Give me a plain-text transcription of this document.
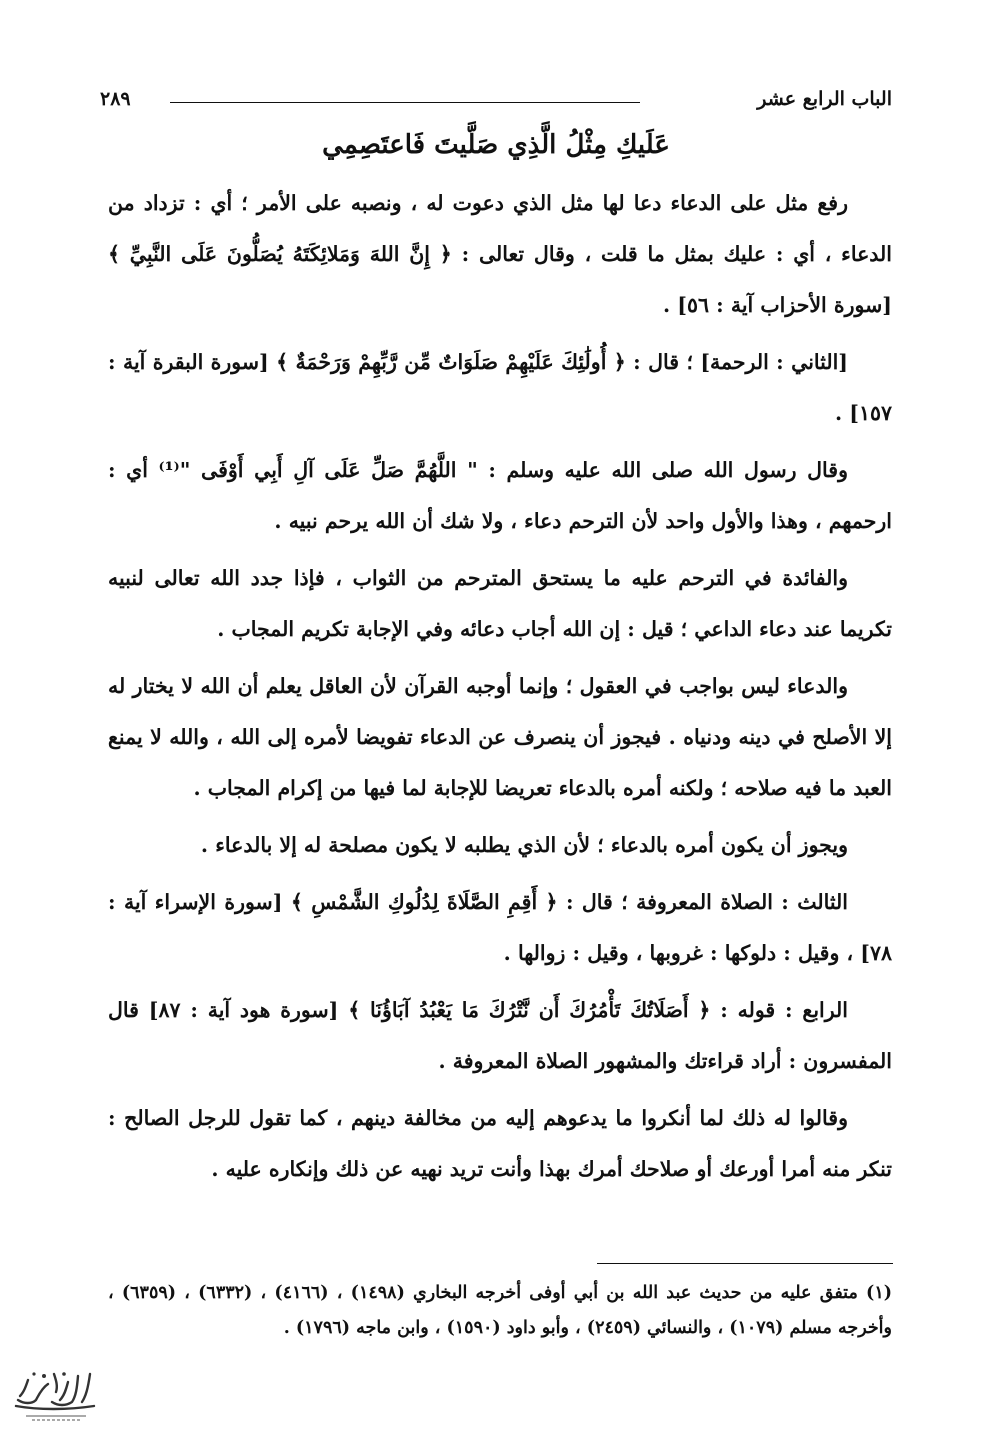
الباب الرابع عشر
٢٨٩
عَلَيكِ مِثْلُ الَّذِي صَلَّيتَ فَاعتَصِمِي

رفع مثل على الدعاء دعا لها مثل الذي دعوت له ، ونصبه على الأمر ؛ أي : تزداد من الدعاء ، أي : عليك بمثل ما قلت ، وقال تعالى : ﴿ إِنَّ اللهَ وَمَلائِكَتَهُ يُصَلُّونَ عَلَى النَّبِيِّ ﴾ [سورة الأحزاب آية : ٥٦] .

[الثاني : الرحمة] ؛ قال : ﴿ أُولَٰئِكَ عَلَيْهِمْ صَلَوَاتٌ مِّن رَّبِّهِمْ وَرَحْمَةٌ ﴾ [سورة البقرة آية : ١٥٧] .

وقال رسول الله صلى الله عليه وسلم : " اللَّهُمَّ صَلِّ عَلَى آلِ أَبِي أَوْفَى "⁽¹⁾ أي : ارحمهم ، وهذا والأول واحد لأن الترحم دعاء ، ولا شك أن الله يرحم نبيه .

والفائدة في الترحم عليه ما يستحق المترحم من الثواب ، فإذا جدد الله تعالى لنبيه تكريما عند دعاء الداعي ؛ قيل : إن الله أجاب دعائه وفي الإجابة تكريم المجاب .

والدعاء ليس بواجب في العقول ؛ وإنما أوجبه القرآن لأن العاقل يعلم أن الله لا يختار له إلا الأصلح في دينه ودنياه . فيجوز أن ينصرف عن الدعاء تفويضا لأمره إلى الله ، والله لا يمنع العبد ما فيه صلاحه ؛ ولكنه أمره بالدعاء تعريضا للإجابة لما فيها من إكرام المجاب .

ويجوز أن يكون أمره بالدعاء ؛ لأن الذي يطلبه لا يكون مصلحة له إلا بالدعاء .

الثالث : الصلاة المعروفة ؛ قال : ﴿ أَقِمِ الصَّلَاةَ لِدُلُوكِ الشَّمْسِ ﴾ [سورة الإسراء آية : ٧٨] ، وقيل : دلوكها : غروبها ، وقيل : زوالها .

الرابع : قوله : ﴿ أَصَلَاتُكَ تَأْمُرُكَ أَن نَّتْرُكَ مَا يَعْبُدُ آبَاؤُنَا ﴾ [سورة هود آية : ٨٧] قال المفسرون : أراد قراءتك والمشهور الصلاة المعروفة .

وقالوا له ذلك لما أنكروا ما يدعوهم إليه من مخالفة دينهم ، كما تقول للرجل الصالح : تنكر منه أمرا أورعك أو صلاحك أمرك بهذا وأنت تريد نهيه عن ذلك وإنكاره عليه .

(١) متفق عليه من حديث عبد الله بن أبي أوفى أخرجه البخاري (١٤٩٨) ، (٤١٦٦) ، (٦٣٣٢) ، (٦٣٥٩) ، وأخرجه مسلم (١٠٧٩) ، والنسائي (٢٤٥٩) ، وأبو داود (١٥٩٠) ، وابن ماجه (١٧٩٦) .
